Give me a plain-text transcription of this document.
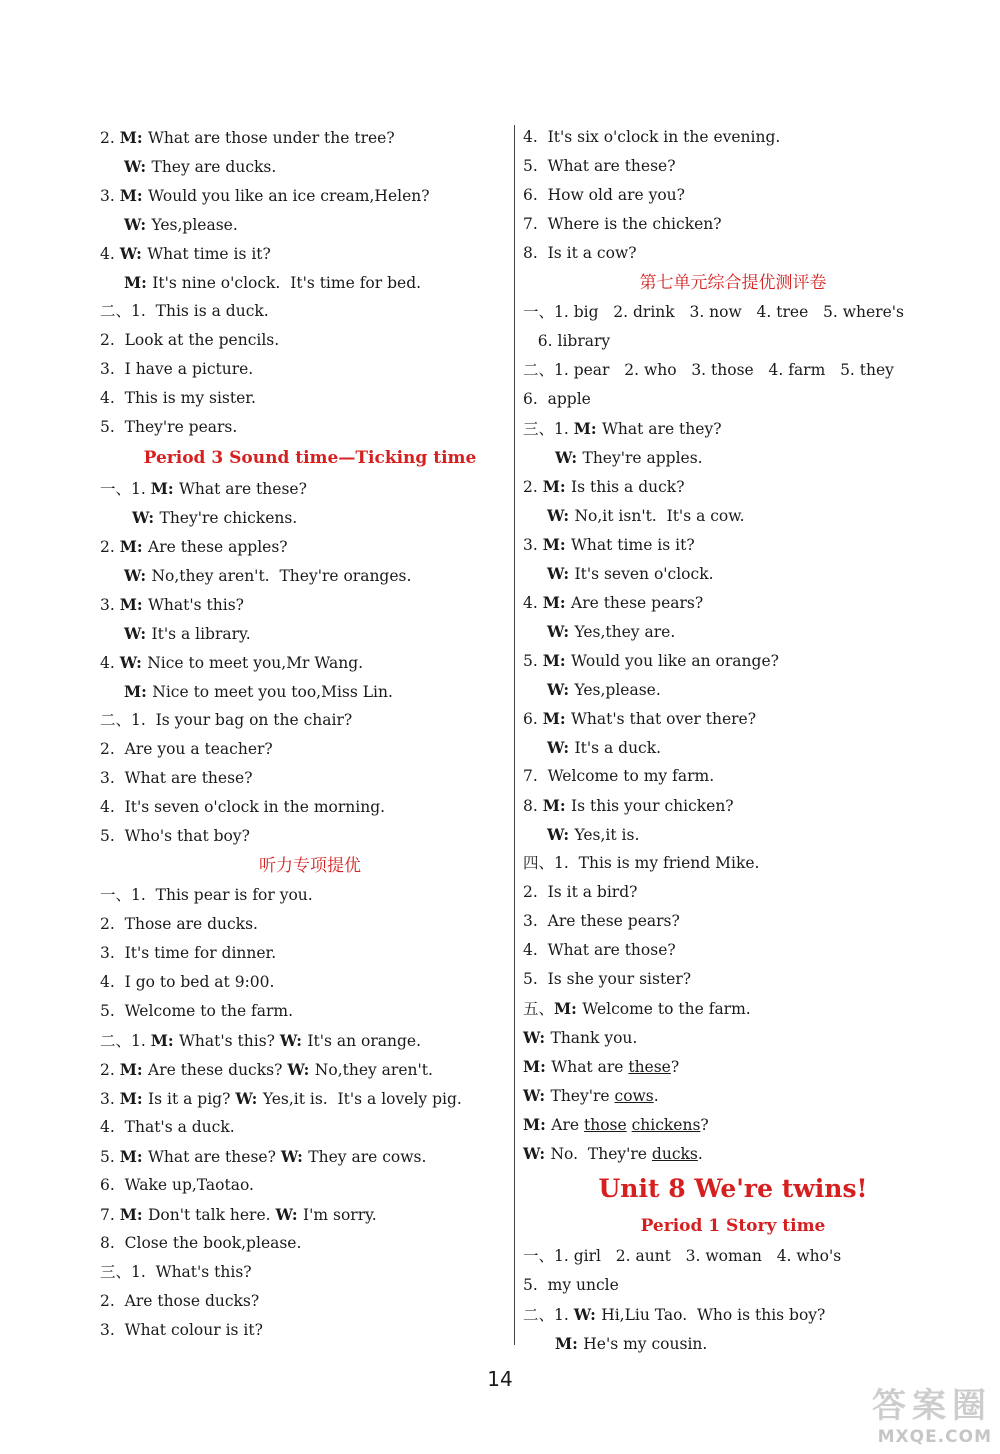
2. M: What are those under the tree?
W: They are ducks.
3. M: Would you like an ice cream,Helen?
W: Yes,please.
4. W: What time is it?
M: It's nine o'clock.  It's time for bed.
二、1.  This is a duck.
2.  Look at the pencils.
3.  I have a picture.
4.  This is my sister.
5.  They're pears.
Period 3 Sound time—Ticking time
一、1. M: What are these?
W: They're chickens.
2. M: Are these apples?
W: No,they aren't.  They're oranges.
3. M: What's this?
W: It's a library.
4. W: Nice to meet you,Mr Wang.
M: Nice to meet you too,Miss Lin.
二、1.  Is your bag on the chair?
2.  Are you a teacher?
3.  What are these?
4.  It's seven o'clock in the morning.
5.  Who's that boy?
听力专项提优
一、1.  This pear is for you.
2.  Those are ducks.
3.  It's time for dinner.
4.  I go to bed at 9:00.
5.  Welcome to the farm.
二、1. M: What's this? W: It's an orange.
2. M: Are these ducks? W: No,they aren't.
3. M: Is it a pig? W: Yes,it is.  It's a lovely pig.
4.  That's a duck.
5. M: What are these? W: They are cows.
6.  Wake up,Taotao.
7. M: Don't talk here. W: I'm sorry.
8.  Close the book,please.
三、1.  What's this?
2.  Are those ducks?
3.  What colour is it?
4.  It's six o'clock in the evening.
5.  What are these?
6.  How old are you?
7.  Where is the chicken?
8.  Is it a cow?
第七单元综合提优测评卷
一、1. big   2. drink   3. now   4. tree   5. where's
6. library
二、1. pear   2. who   3. those   4. farm   5. they
6.  apple
三、1. M: What are they?
W: They're apples.
2. M: Is this a duck?
W: No,it isn't.  It's a cow.
3. M: What time is it?
W: It's seven o'clock.
4. M: Are these pears?
W: Yes,they are.
5. M: Would you like an orange?
W: Yes,please.
6. M: What's that over there?
W: It's a duck.
7.  Welcome to my farm.
8. M: Is this your chicken?
W: Yes,it is.
四、1.  This is my friend Mike.
2.  Is it a bird?
3.  Are these pears?
4.  What are those?
5.  Is she your sister?
五、M: Welcome to the farm.
W: Thank you.
M: What are these?
W: They're cows.
M: Are those chickens?
W: No.  They're ducks.
Unit 8 We're twins!
Period 1 Story time
一、1. girl   2. aunt   3. woman   4. who's
5.  my uncle
二、1. W: Hi,Liu Tao.  Who is this boy?
M: He's my cousin.
14
答案圈
MXQE.COM
